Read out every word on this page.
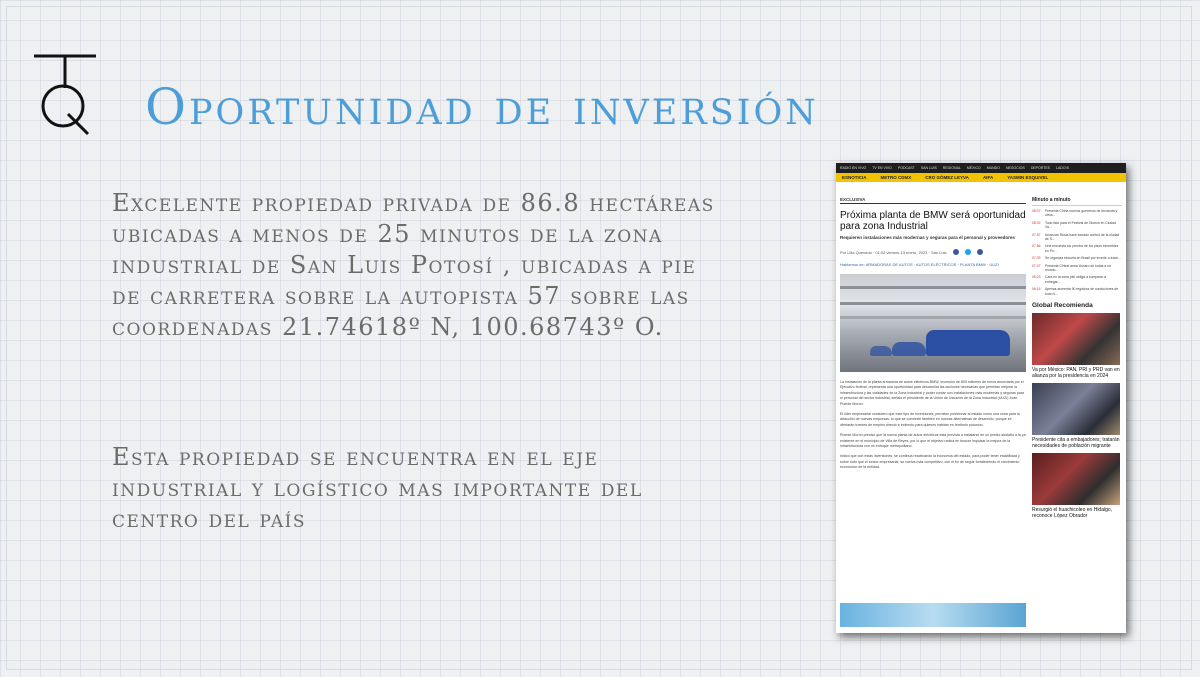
Oportunidad de inversión

Excelente propiedad privada de 86.8 hectáreas ubicadas a menos de 25 minutos de la zona industrial de San Luis Potosí , ubicadas a pie de carretera sobre la autopista 57 sobre las coordenadas 21.74618º N, 100.68743º O.

Esta propiedad se encuentra en el eje industrial y logístico mas importante del centro del país

RADIO EN VIVO TV EN VIVO PODCAST SAN LUIS REGIONAL MÉXICO MUNDO NEGOCIOS DEPORTES LADO B
ESNOTICIA	METRO CDMX	CRO GÓMEZ LEYVA	AIFA	YASMIN ESQUIVEL
EXCLUSIVA
Próxima planta de BMW será oportunidad para zona Industrial
Requieren instalaciones más modernas y seguras para el personal y proveedores
Por Lilia Quevedo · 01:52 viernes 13 enero, 2023 · San Luis
Hablamos de: ARMADORAS DE AUTOS · AUTOS ELÉCTRICOS · PLANTA BMW · UUZI

La instalación de la planta armadora de autos eléctricos BMW, inversión de 800 millones de euros anunciada por el Ejecutivo federal, representa una oportunidad para desarrollar las acciones necesarias que permitan mejorar la infraestructura y las vialidades de la Zona Industrial y poder contar con instalaciones más modernas y seguras para el personal del sector industrial, señaló el presidente de la Unión de Usuarios de la Zona Industrial (UUZI) Juan Puente Morón.

El líder empresarial consideró que este tipo de inversiones, permiten posicionar al estado como una zona para la atracción de nuevas empresas, lo que se convierte también en nuevas alternativas de desarrollo, porque se ofertarán fuentes de empleo directo e indirecto para quienes habitan en territorio potosino.

Puente Morón precisó que la nueva planta de autos eléctricos está prevista a instalarse en un predio aledaño a la ya existente en el municipio de Villa de Reyes, por lo que el objetivo radica en buscar impulsar la mejora de la infraestructura con un enfoque metropolitano.

Indicó que con estas inversiones, se continúa reactivando la economía del estado, para poder tener estabilidad y sobre todo que el sector empresarial, se vuelva más competitivo, con el fin de seguir fortaleciendo el crecimiento económico de la entidad.

Minuto a minuto
08:07	Presenta China nuevos guerreros de terracota y otros...
08:02	Todo listo para el Festival de Globos en Ciudad Va...
07:57	Arrancan Rusia hace tomado control de la ciudad de S...
07:56	Una encuesta los precios de los pisos inmuebles en Po...
07:39	Se organiza escuela en Brasil por invertir a trave...
07:07	Presenta CHeat arma Uscaro de todas a un mundo...
06:23	Cara en la zona piel obliga a comparar a entregar...
06:16	Apenas aumenta 90 registros de conductores de todo N...
Global Recomienda
Va por México: PAN, PRI y PRD van en alianza por la presidencia en 2024
Presidente cita a embajadores; tratarán necesidades de población migrante
Resurgió el huachicoleo en Hidalgo, reconoce López Obrador
